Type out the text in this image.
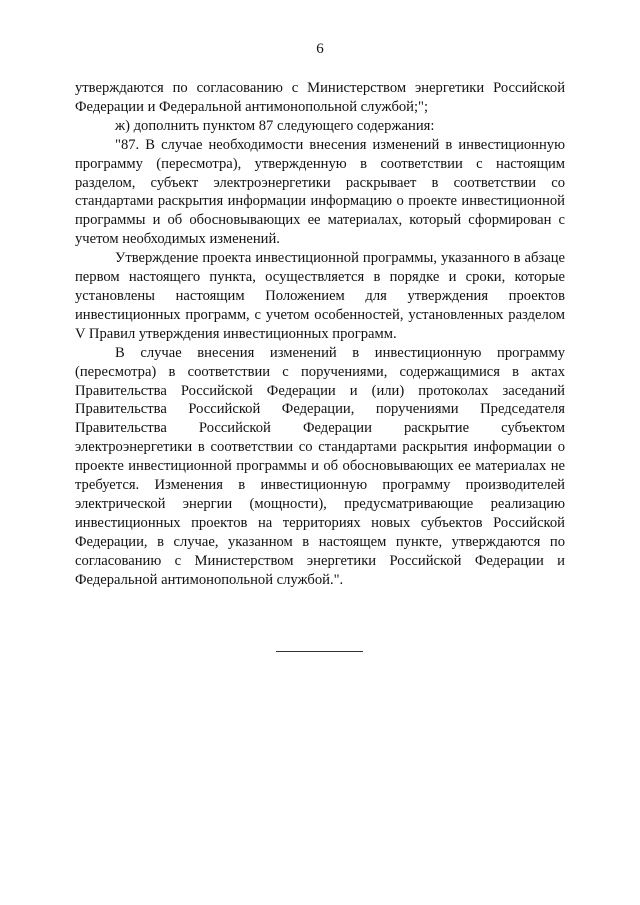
6

утверждаются по согласованию с Министерством энергетики Российской Федерации и Федеральной антимонопольной службой;";

ж) дополнить пунктом 87 следующего содержания:

"87. В случае необходимости внесения изменений в инвестиционную программу (пересмотра), утвержденную в соответствии с настоящим разделом, субъект электроэнергетики раскрывает в соответствии со стандартами раскрытия информации информацию о проекте инвестиционной программы и об обосновывающих ее материалах, который сформирован с учетом необходимых изменений.

Утверждение проекта инвестиционной программы, указанного в абзаце первом настоящего пункта, осуществляется в порядке и сроки, которые установлены настоящим Положением для утверждения проектов инвестиционных программ, с учетом особенностей, установленных разделом V Правил утверждения инвестиционных программ.

В случае внесения изменений в инвестиционную программу (пересмотра) в соответствии с поручениями, содержащимися в актах Правительства Российской Федерации и (или) протоколах заседаний Правительства Российской Федерации, поручениями Председателя Правительства Российской Федерации раскрытие субъектом электроэнергетики в соответствии со стандартами раскрытия информации о проекте инвестиционной программы и об обосновывающих ее материалах не требуется. Изменения в инвестиционную программу производителей электрической энергии (мощности), предусматривающие реализацию инвестиционных проектов на территориях новых субъектов Российской Федерации, в случае, указанном в настоящем пункте, утверждаются по согласованию с Министерством энергетики Российской Федерации и Федеральной антимонопольной службой.".
